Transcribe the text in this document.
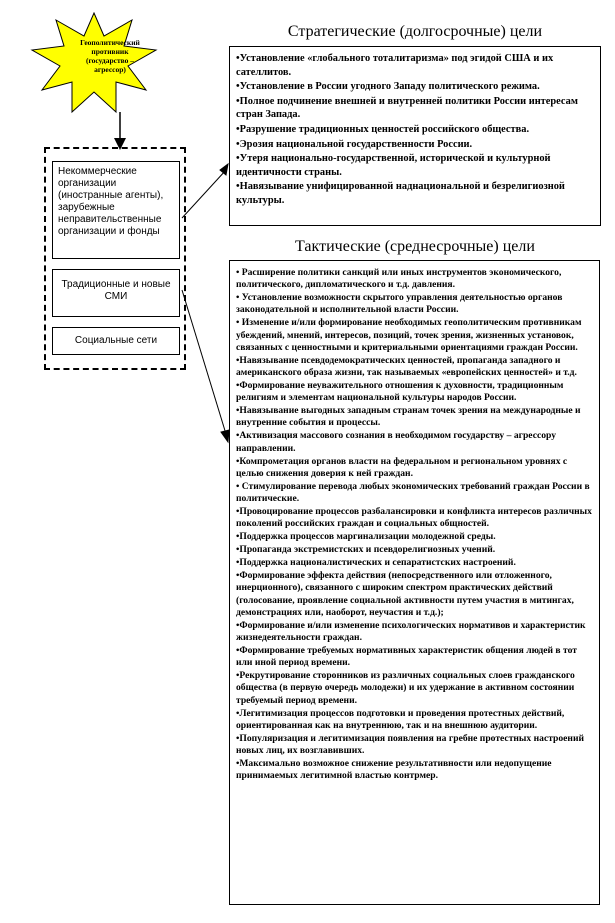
Геополитический противник (государство – агрессор)
Некоммерческие организации (иностранные агенты), зарубежные неправительственные организации и фонды
Традиционные и новые СМИ
Социальные сети
Стратегические (долгосрочные) цели
•Установление «глобального тоталитаризма» под эгидой США и их сателлитов.
•Установление в России угодного Западу политического режима.
•Полное подчинение внешней и внутренней политики России интересам стран Запада.
•Разрушение традиционных ценностей российского общества.
•Эрозия национальной государственности России.
•Утеря национально-государственной, исторической и культурной идентичности страны.
•Навязывание унифицированной наднациональной и безрелигиозной культуры.
Тактические (среднесрочные) цели
• Расширение политики санкций или иных инструментов экономического, политического, дипломатического и т.д. давления.
• Установление возможности скрытого управления деятельностью органов законодательной и исполнительной власти России.
• Изменение и/или формирование необходимых геополитическим противникам убеждений, мнений, интересов, позиций, точек зрения, жизненных установок, связанных с ценностными и критериальными ориентациями граждан России.
•Навязывание псевдодемократических ценностей, пропаганда западного и американского образа жизни, так называемых «европейских ценностей» и т.д.
•Формирование неуважительного отношения к духовности, традиционным религиям и элементам национальной культуры народов России.
•Навязывание выгодных западным странам точек зрения на международные и внутренние события и процессы.
•Активизация массового сознания в необходимом государству – агрессору направлении.
•Компрометация органов власти на федеральном и региональном уровнях с целью снижения доверия к ней граждан.
• Стимулирование перевода любых экономических требований граждан России в политические.
•Провоцирование процессов разбалансировки и конфликта интересов различных поколений российских граждан и социальных общностей.
•Поддержка процессов маргинализации молодежной среды.
•Пропаганда экстремистских и псевдорелигиозных учений.
•Поддержка националистических и сепаратистских настроений.
•Формирование эффекта действия (непосредственного или отложенного, инерционного), связанного с широким спектром практических действий (голосование, проявление социальной активности путем участия в митингах, демонстрациях или, наоборот, неучастия и т.д.);
•Формирование и/или изменение психологических нормативов и характеристик жизнедеятельности граждан.
•Формирование требуемых нормативных характеристик общения людей в тот или иной период времени.
•Рекрутирование сторонников из различных социальных слоев гражданского общества (в первую очередь молодежи) и их удержание в активном состоянии требуемый период времени.
•Легитимизация процессов подготовки и проведения протестных действий, ориентированная как на внутреннюю, так и на внешнюю аудитории.
•Популяризация и легитимизация появления на гребне протестных настроений новых лиц, их возглавивших.
•Максимально возможное снижение результативности или недопущение принимаемых легитимной властью контрмер.
